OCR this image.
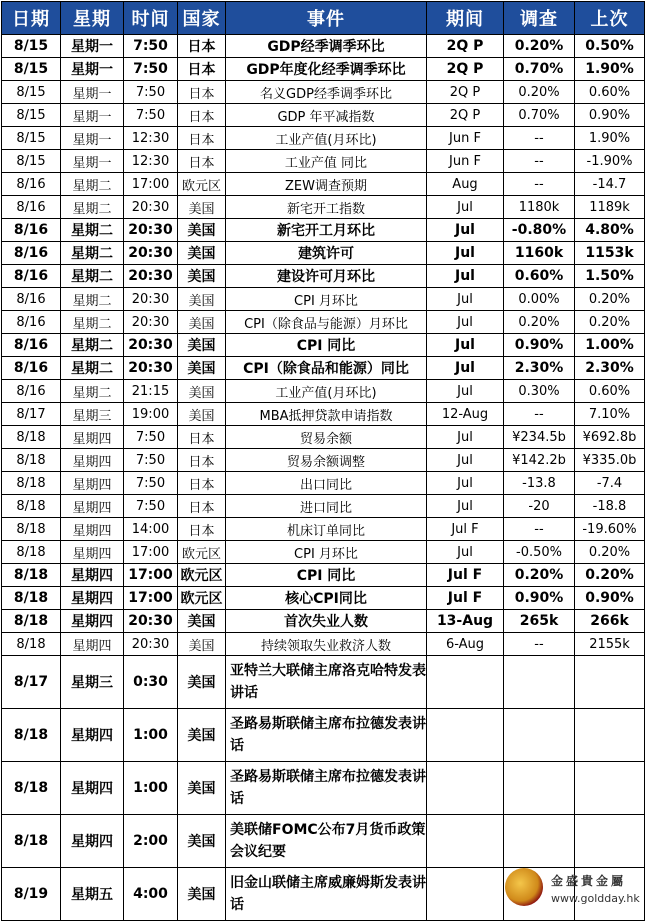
日期	星期	时间	国家	事件	期间	调查	上次
8/15	星期一	7:50	日本	GDP经季调季环比	2Q P	0.20%	0.50%
8/15	星期一	7:50	日本	GDP年度化经季调季环比	2Q P	0.70%	1.90%
8/15	星期一	7:50	日本	名义GDP经季调季环比	2Q P	0.20%	0.60%
8/15	星期一	7:50	日本	GDP 年平减指数	2Q P	0.70%	0.90%
8/15	星期一	12:30	日本	工业产值(月环比)	Jun F	--	1.90%
8/15	星期一	12:30	日本	工业产值 同比	Jun F	--	-1.90%
8/16	星期二	17:00	欧元区	ZEW调查预期	Aug	--	-14.7
8/16	星期二	20:30	美国	新宅开工指数	Jul	1180k	1189k
8/16	星期二	20:30	美国	新宅开工月环比	Jul	-0.80%	4.80%
8/16	星期二	20:30	美国	建筑许可	Jul	1160k	1153k
8/16	星期二	20:30	美国	建设许可月环比	Jul	0.60%	1.50%
8/16	星期二	20:30	美国	CPI 月环比	Jul	0.00%	0.20%
8/16	星期二	20:30	美国	CPI（除食品与能源）月环比	Jul	0.20%	0.20%
8/16	星期二	20:30	美国	CPI 同比	Jul	0.90%	1.00%
8/16	星期二	20:30	美国	CPI（除食品和能源）同比	Jul	2.30%	2.30%
8/16	星期二	21:15	美国	工业产值(月环比)	Jul	0.30%	0.60%
8/17	星期三	19:00	美国	MBA抵押贷款申请指数	12-Aug	--	7.10%
8/18	星期四	7:50	日本	贸易余额	Jul	¥234.5b	¥692.8b
8/18	星期四	7:50	日本	贸易余额调整	Jul	¥142.2b	¥335.0b
8/18	星期四	7:50	日本	出口同比	Jul	-13.8	-7.4
8/18	星期四	7:50	日本	进口同比	Jul	-20	-18.8
8/18	星期四	14:00	日本	机床订单同比	Jul F	--	-19.60%
8/18	星期四	17:00	欧元区	CPI 月环比	Jul	-0.50%	0.20%
8/18	星期四	17:00	欧元区	CPI 同比	Jul F	0.20%	0.20%
8/18	星期四	17:00	欧元区	核心CPI同比	Jul F	0.90%	0.90%
8/18	星期四	20:30	美国	首次失业人数	13-Aug	265k	266k
8/18	星期四	20:30	美国	持续领取失业救济人数	6-Aug	--	2155k
8/17	星期三	0:30	美国	亚特兰大联储主席洛克哈特发表讲话			
8/18	星期四	1:00	美国	圣路易斯联储主席布拉德发表讲话			
8/18	星期四	1:00	美国	圣路易斯联储主席布拉德发表讲话			
8/18	星期四	2:00	美国	美联储FOMC公布7月货币政策会议纪要			
8/19	星期五	4:00	美国	旧金山联储主席威廉姆斯发表讲话			
金盛貴金屬
www.goldday.hk
